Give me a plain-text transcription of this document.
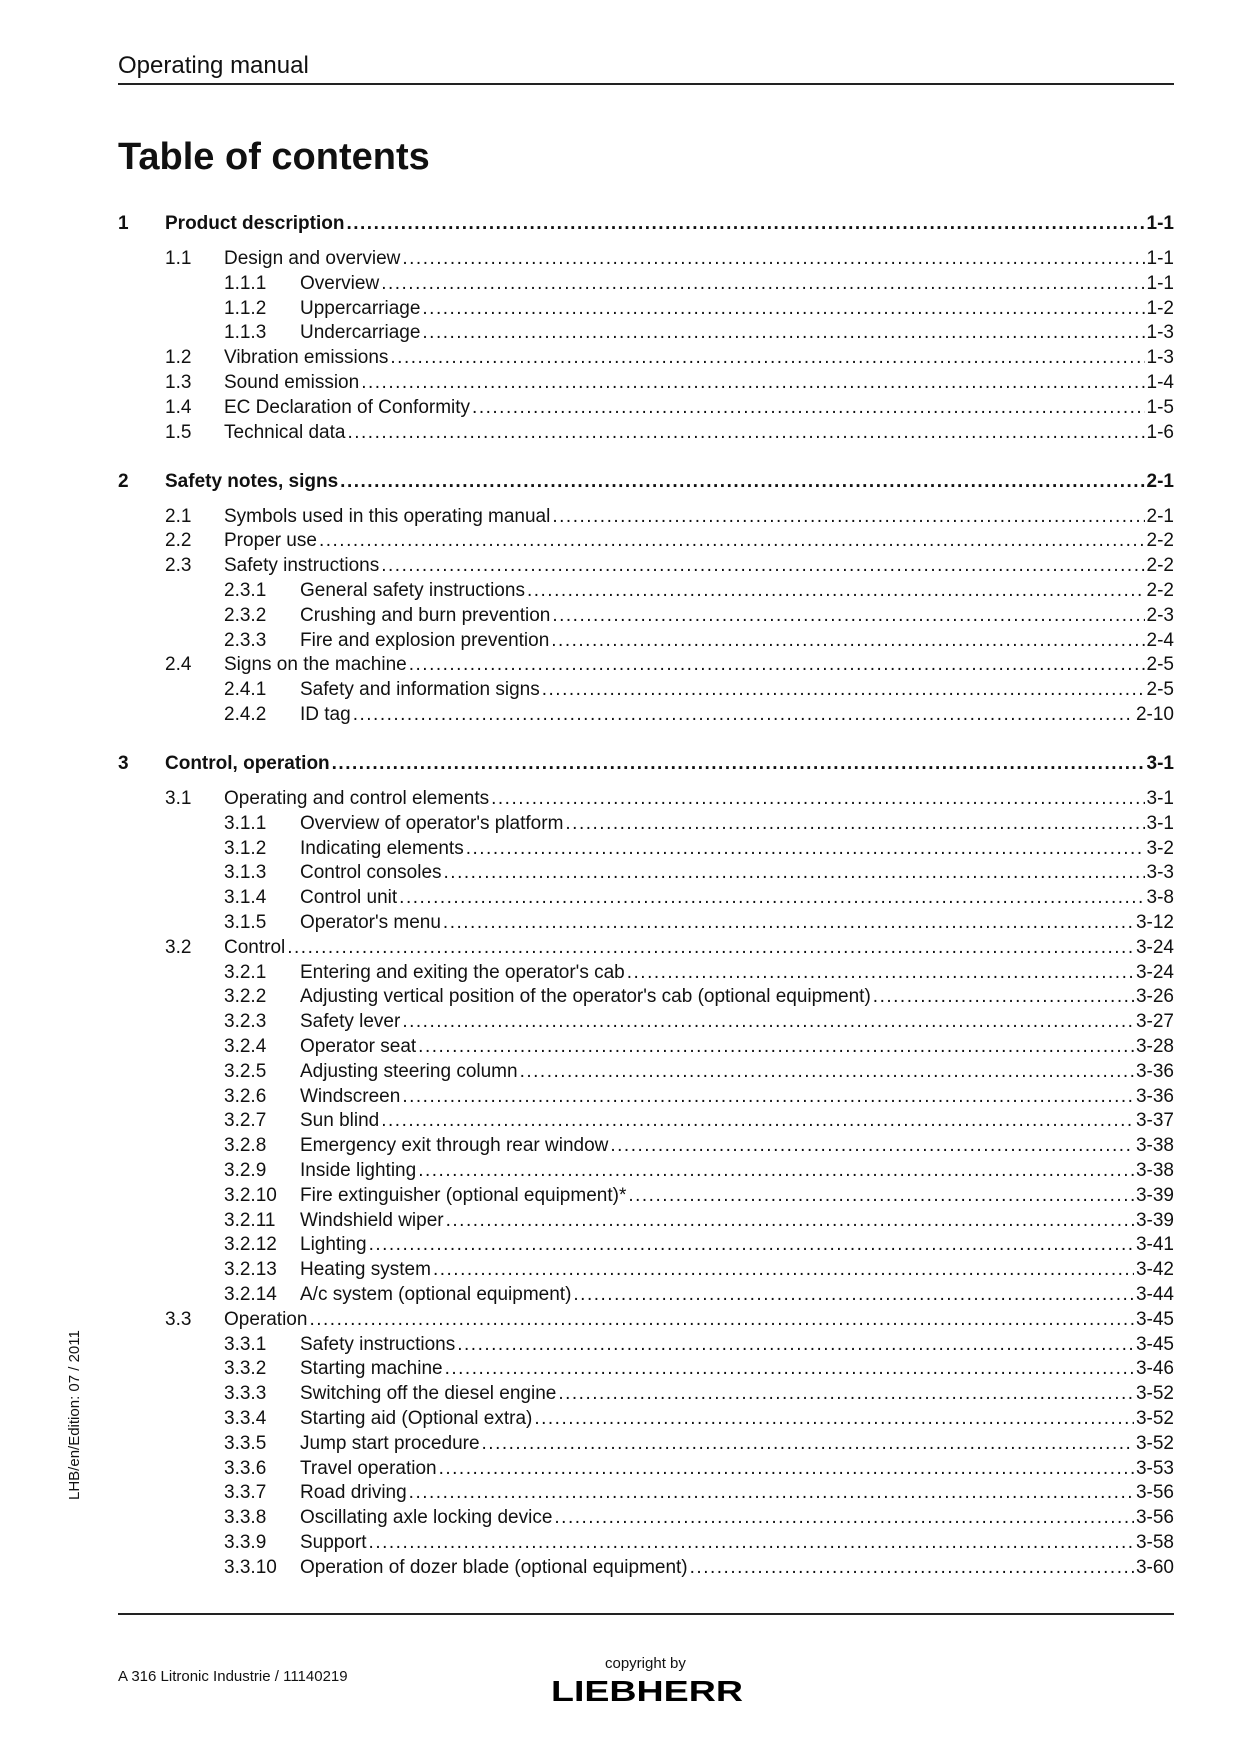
Operating manual
Table of contents
1 Product description .....	1-1
1.1 Design and overview .....	1-1
1.1.1 Overview .....	1-1
1.1.2 Uppercarriage .....	1-2
1.1.3 Undercarriage .....	1-3
1.2 Vibration emissions .....	1-3
1.3 Sound emission .....	1-4
1.4 EC Declaration of Conformity .....	1-5
1.5 Technical data .....	1-6
2 Safety notes, signs .....	2-1
2.1 Symbols used in this operating manual .....	2-1
2.2 Proper use .....	2-2
2.3 Safety instructions .....	2-2
2.3.1 General safety instructions .....	2-2
2.3.2 Crushing and burn prevention .....	2-3
2.3.3 Fire and explosion prevention .....	2-4
2.4 Signs on the machine .....	2-5
2.4.1 Safety and information signs .....	2-5
2.4.2 ID tag .....	2-10
3 Control, operation .....	3-1
3.1 Operating and control elements .....	3-1
3.1.1 Overview of operator's platform .....	3-1
3.1.2 Indicating elements .....	3-2
3.1.3 Control consoles .....	3-3
3.1.4 Control unit .....	3-8
3.1.5 Operator's menu .....	3-12
3.2 Control .....	3-24
3.2.1 Entering and exiting the operator's cab .....	3-24
3.2.2 Adjusting vertical position of the operator's cab (optional equipment) .....	3-26
3.2.3 Safety lever .....	3-27
3.2.4 Operator seat .....	3-28
3.2.5 Adjusting steering column .....	3-36
3.2.6 Windscreen .....	3-36
3.2.7 Sun blind .....	3-37
3.2.8 Emergency exit through rear window .....	3-38
3.2.9 Inside lighting .....	3-38
3.2.10 Fire extinguisher (optional equipment)* .....	3-39
3.2.11 Windshield wiper .....	3-39
3.2.12 Lighting .....	3-41
3.2.13 Heating system .....	3-42
3.2.14 A/c system (optional equipment) .....	3-44
3.3 Operation .....	3-45
3.3.1 Safety instructions .....	3-45
3.3.2 Starting machine .....	3-46
3.3.3 Switching off the diesel engine .....	3-52
3.3.4 Starting aid (Optional extra) .....	3-52
3.3.5 Jump start procedure .....	3-52
3.3.6 Travel operation .....	3-53
3.3.7 Road driving .....	3-56
3.3.8 Oscillating axle locking device .....	3-56
3.3.9 Support .....	3-58
3.3.10 Operation of dozer blade (optional equipment) .....	3-60
LHB/en/Edition: 07 / 2011
A 316 Litronic Industrie / 11140219
copyright by
LIEBHERR
